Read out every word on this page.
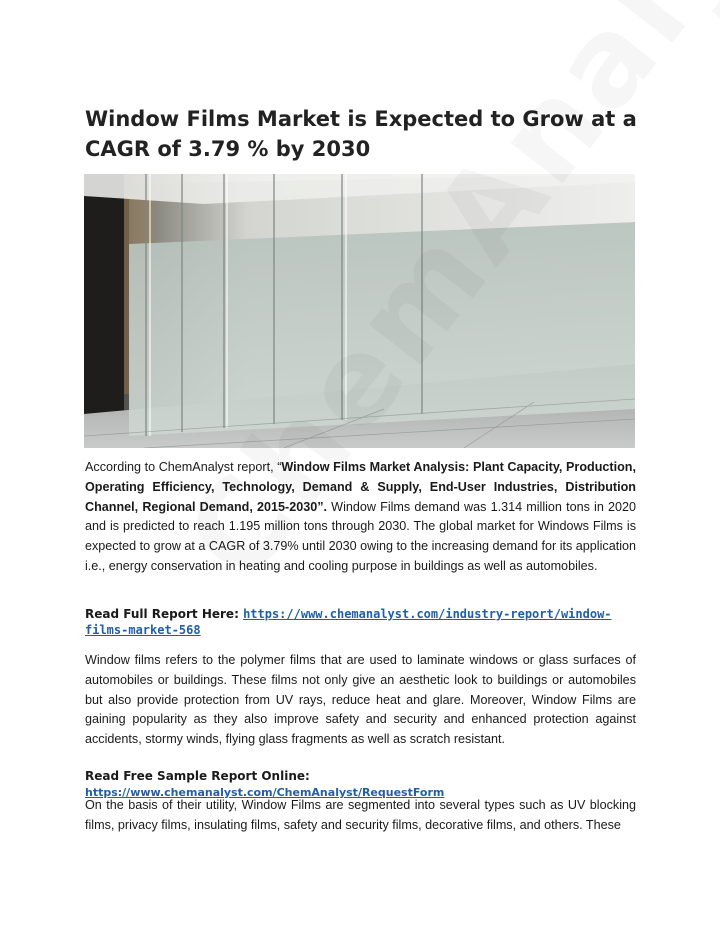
Window Films Market is Expected to Grow at a CAGR of 3.79 % by 2030

According to ChemAnalyst report, “Window Films Market Analysis: Plant Capacity, Production, Operating Efficiency, Technology, Demand & Supply, End-User Industries, Distribution Channel, Regional Demand, 2015-2030”. Window Films demand was 1.314 million tons in 2020 and is predicted to reach 1.195 million tons through 2030. The global market for Windows Films is expected to grow at a CAGR of 3.79% until 2030 owing to the increasing demand for its application i.e., energy conservation in heating and cooling purpose in buildings as well as automobiles.

Read Full Report Here: https://www.chemanalyst.com/industry-report/window-films-market-568

Window films refers to the polymer films that are used to laminate windows or glass surfaces of automobiles or buildings. These films not only give an aesthetic look to buildings or automobiles but also provide protection from UV rays, reduce heat and glare. Moreover, Window Films are gaining popularity as they also improve safety and security and enhanced protection against accidents, stormy winds, flying glass fragments as well as scratch resistant.

Read Free Sample Report Online: https://www.chemanalyst.com/ChemAnalyst/RequestForm

On the basis of their utility, Window Films are segmented into several types such as UV blocking films, privacy films, insulating films, safety and security films, decorative films, and others. These
